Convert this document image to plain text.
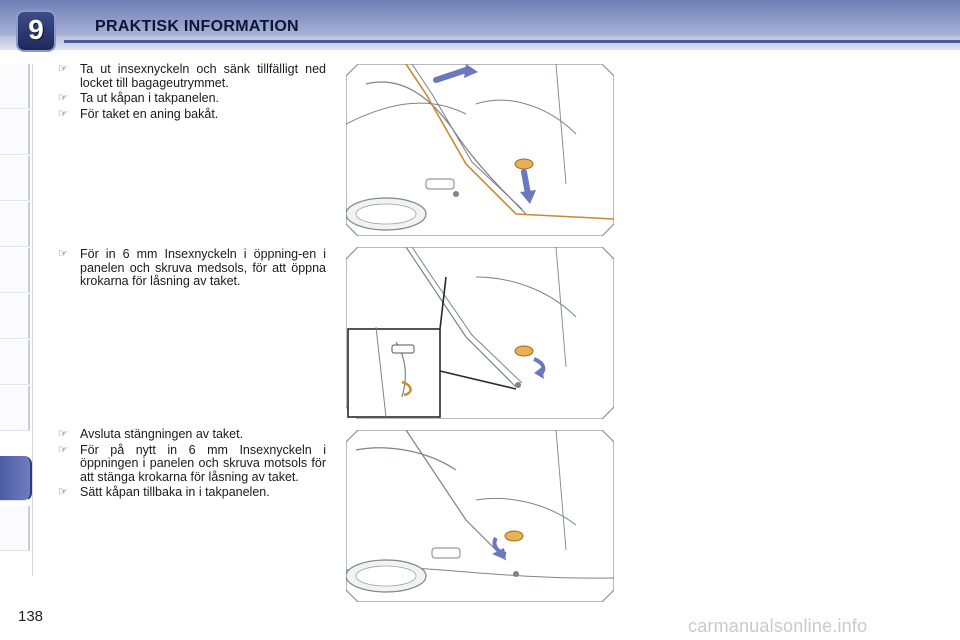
9	PRAKTISK INFORMATION
☞ Ta ut insexnyckeln och sänk tillfälligt ned locket till bagageutrymmet.
☞ Ta ut kåpan i takpanelen.
☞ För taket en aning bakåt.
☞ För in 6 mm Insexnyckeln i öppning-en i panelen och skruva medsols, för att öppna krokarna för låsning av taket.
☞ Avsluta stängningen av taket.
☞ För på nytt in 6 mm Insexnyckeln i öppningen i panelen och skruva motsols för att stänga krokarna för låsning av taket.
☞ Sätt kåpan tillbaka in i takpanelen.
138	carmanualsonline.info
